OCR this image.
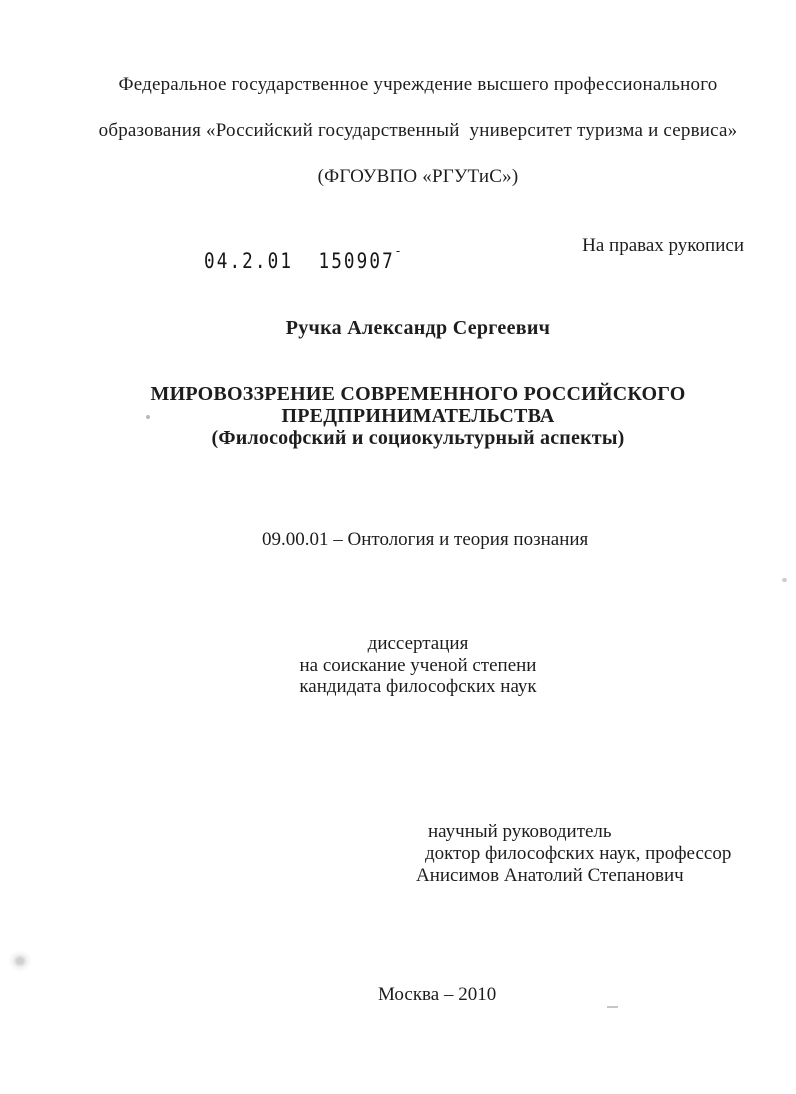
Федеральное государственное учреждение высшего профессионального
образования «Российский государственный  университет туризма и сервиса»
(ФГОУВПО «РГУТиС»)
На правах рукописи
04.2.01  150907¯
Ручка Александр Сергеевич
МИРОВОЗЗРЕНИЕ СОВРЕМЕННОГО РОССИЙСКОГО
ПРЕДПРИНИМАТЕЛЬСТВА
(Философский и социокультурный аспекты)
09.00.01 – Онтология и теория познания
диссертация
на соискание ученой степени
кандидата философских наук
научный руководитель
доктор философских наук, профессор
Анисимов Анатолий Степанович
Москва – 2010
